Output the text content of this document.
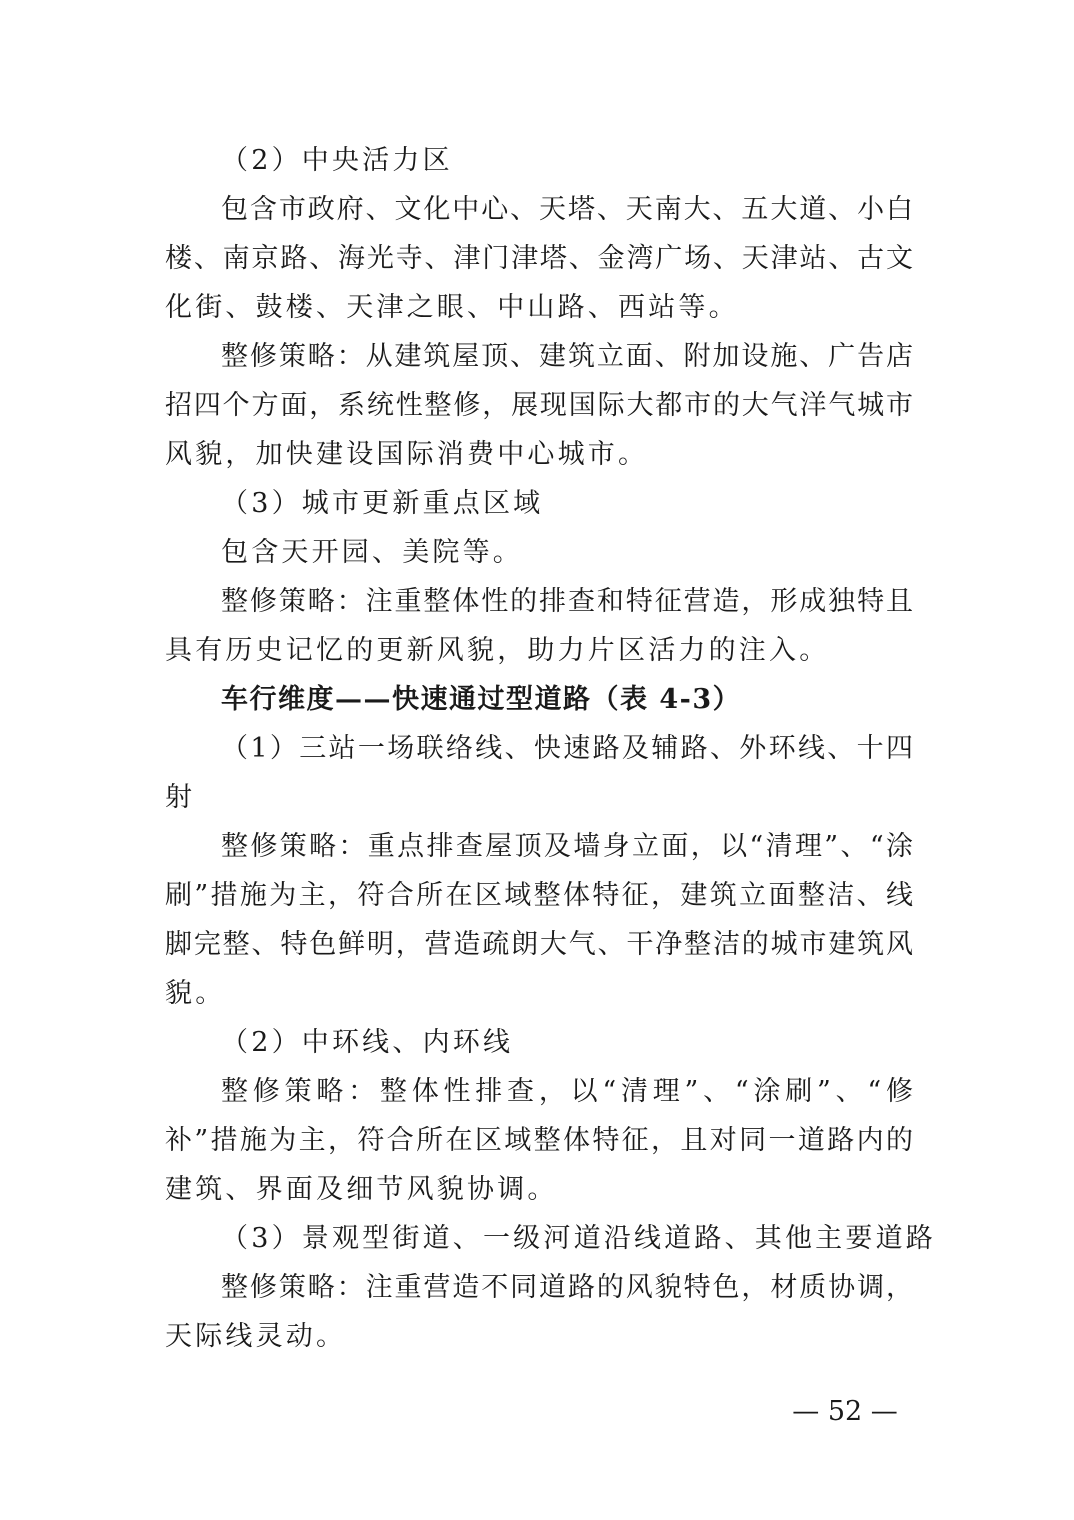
（2）中央活力区
包含市政府、文化中心、天塔、天南大、五大道、小白
楼、南京路、海光寺、津门津塔、金湾广场、天津站、古文
化街、鼓楼、天津之眼、中山路、西站等。
整修策略：从建筑屋顶、建筑立面、附加设施、广告店
招四个方面，系统性整修，展现国际大都市的大气洋气城市
风貌，加快建设国际消费中心城市。
（3）城市更新重点区域
包含天开园、美院等。
整修策略：注重整体性的排查和特征营造，形成独特且
具有历史记忆的更新风貌，助力片区活力的注入。
车行维度——快速通过型道路（表 4-3）
（1）三站一场联络线、快速路及辅路、外环线、十四
射
整修策略：重点排查屋顶及墙身立面，以“清理”、“涂
刷”措施为主，符合所在区域整体特征，建筑立面整洁、线
脚完整、特色鲜明，营造疏朗大气、干净整洁的城市建筑风
貌。
（2）中环线、内环线
整修策略：整体性排查，以“清理”、“涂刷”、“修
补”措施为主，符合所在区域整体特征，且对同一道路内的
建筑、界面及细节风貌协调。
（3）景观型街道、一级河道沿线道路、其他主要道路
整修策略：注重营造不同道路的风貌特色，材质协调，
天际线灵动。
— 52 —
